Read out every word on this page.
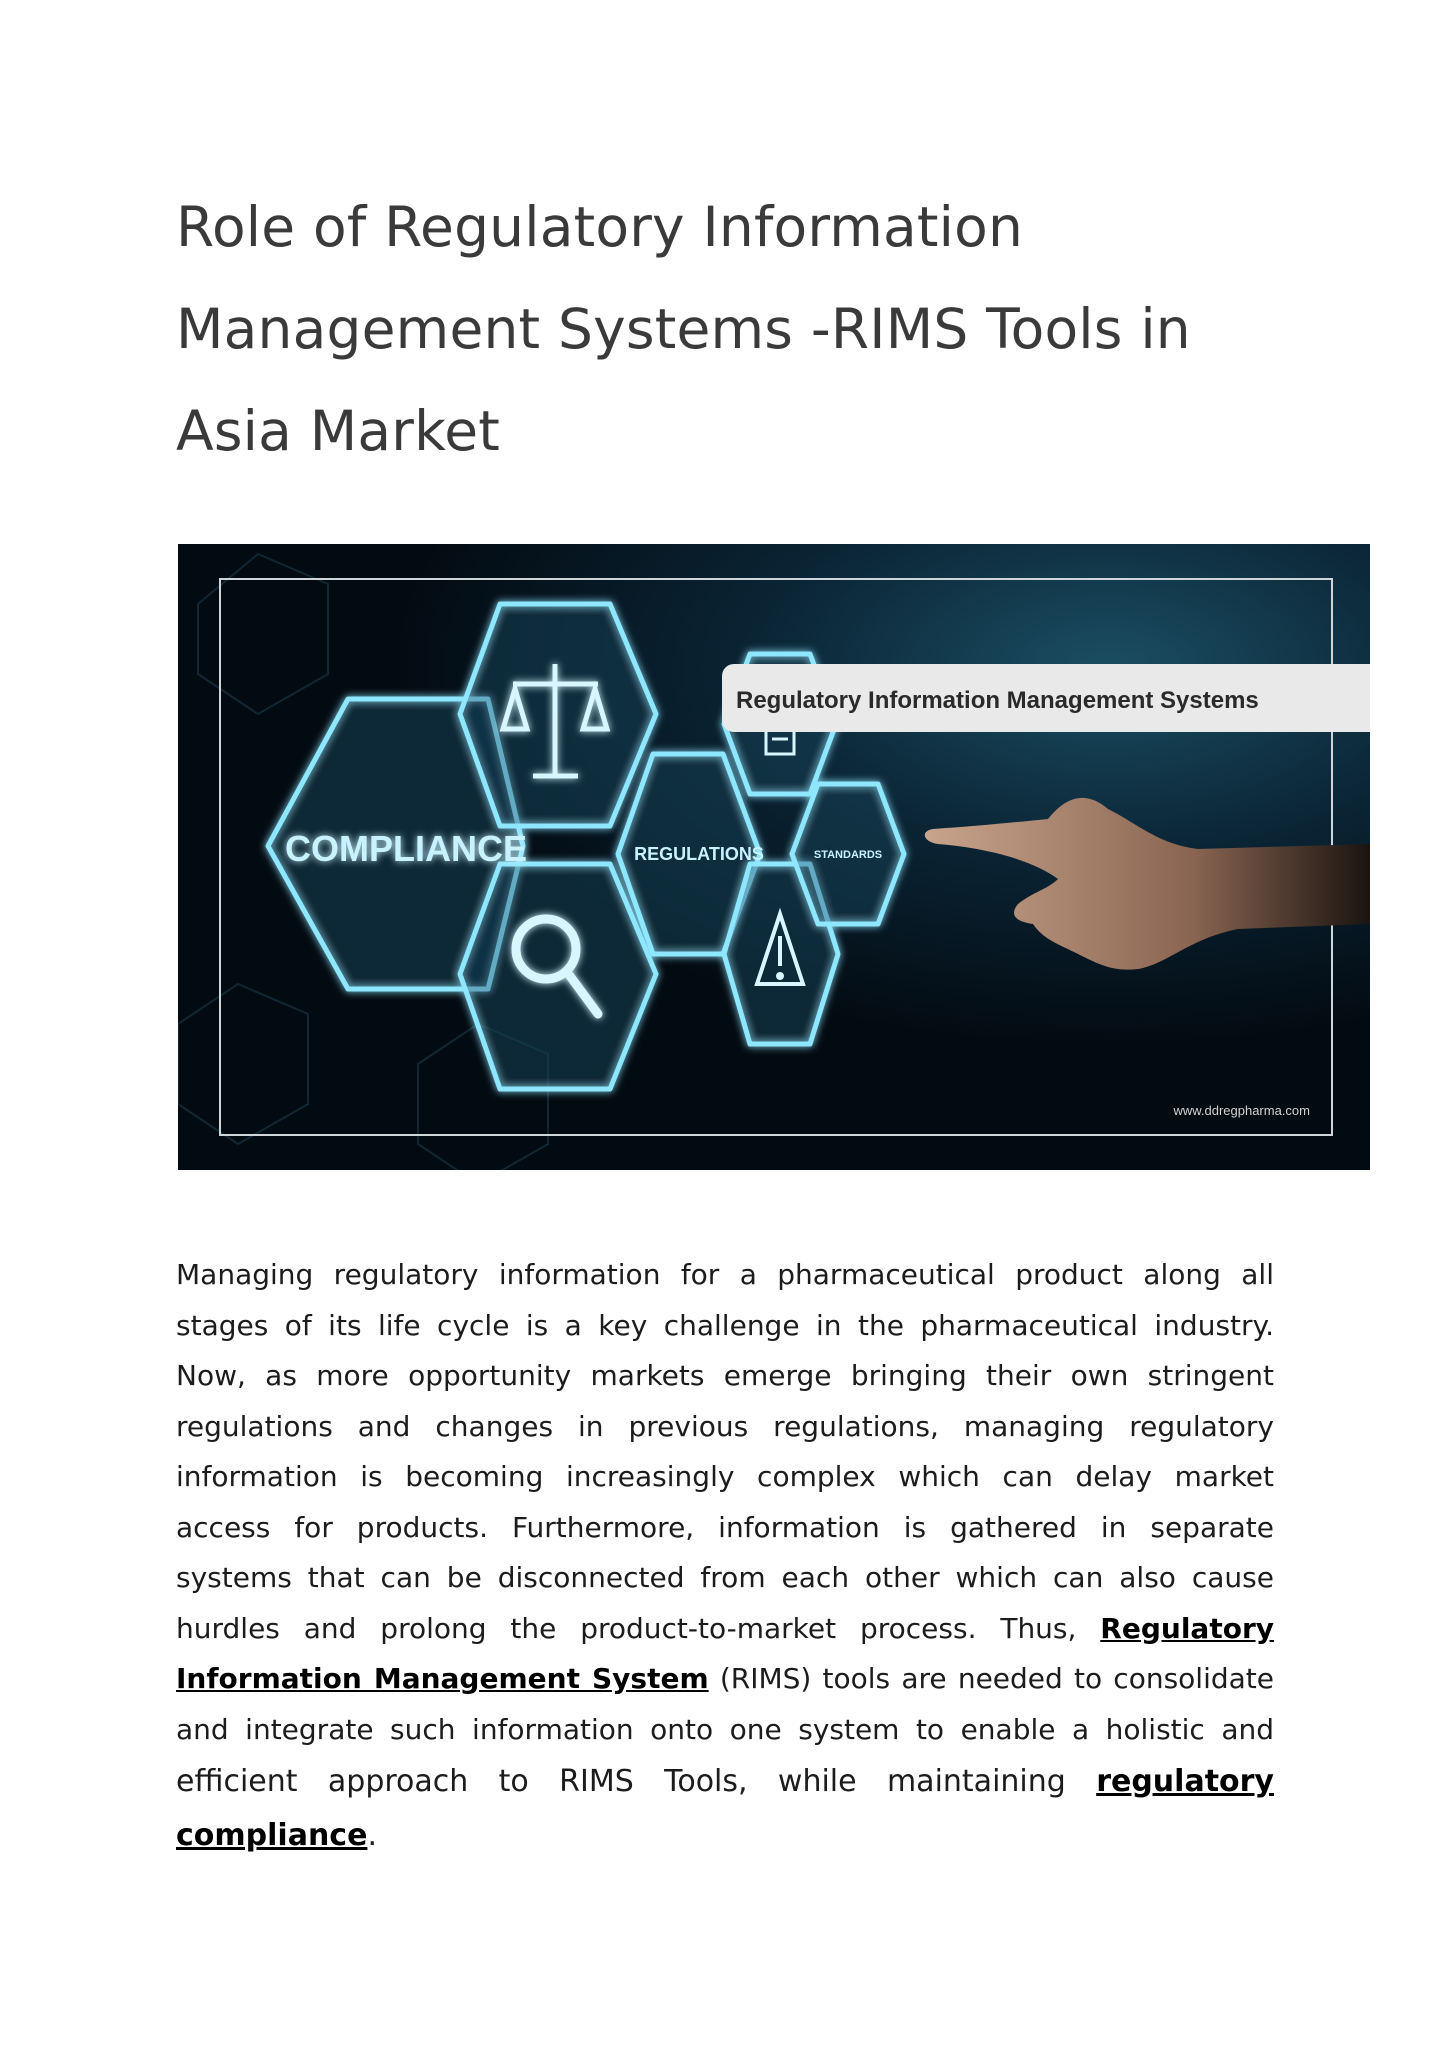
Role of Regulatory Information
Management Systems -RIMS Tools in
Asia Market
COMPLIANCE	REGULATIONS	STANDARDS
Regulatory Information Management Systems
www.ddregpharma.com
Managing regulatory information for a pharmaceutical product along all
stages of its life cycle is a key challenge in the pharmaceutical industry.
Now, as more opportunity markets emerge bringing their own stringent
regulations and changes in previous regulations, managing regulatory
information is becoming increasingly complex which can delay market
access for products. Furthermore, information is gathered in separate
systems that can be disconnected from each other which can also cause
hurdles and prolong the product-to-market process. Thus, Regulatory
Information Management System (RIMS) tools are needed to consolidate
and integrate such information onto one system to enable a holistic and
efficient approach to RIMS Tools, while maintaining regulatory
compliance.
